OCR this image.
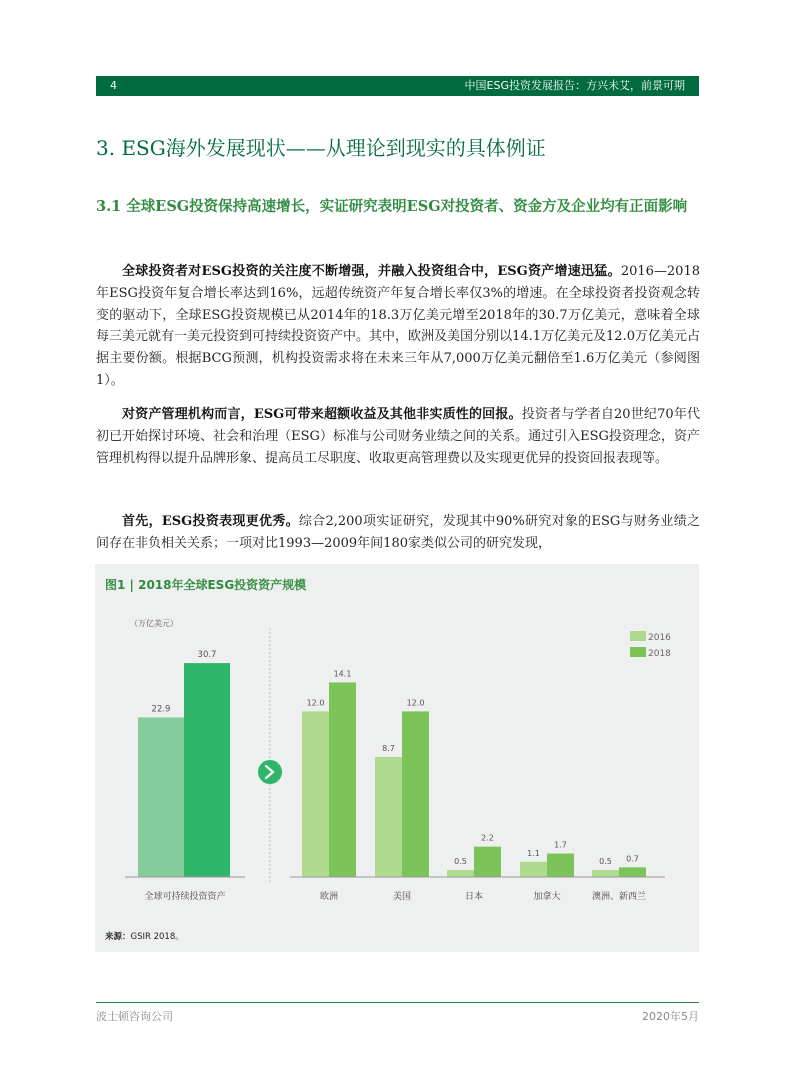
4	中国ESG投资发展报告：方兴未艾，前景可期
3. ESG海外发展现状——从理论到现实的具体例证
3.1 全球ESG投资保持高速增长，实证研究表明ESG对投资者、资金方及企业均有正面影响

全球投资者对ESG投资的关注度不断增强，并融入投资组合中，ESG资产增速迅猛。2016—2018年ESG投资年复合增长率达到16%，远超传统资产年复合增长率仅3%的增速。在全球投资者投资观念转变的驱动下，全球ESG投资规模已从2014年的18.3万亿美元增至2018年的30.7万亿美元，意味着全球每三美元就有一美元投资到可持续投资资产中。其中，欧洲及美国分别以14.1万亿美元及12.0万亿美元占据主要份额。根据BCG预测，机构投资需求将在未来三年从7,000万亿美元翻倍至1.6万亿美元（参阅图1）。

对资产管理机构而言，ESG可带来超额收益及其他非实质性的回报。投资者与学者自20世纪70年代初已开始探讨环境、社会和治理（ESG）标准与公司财务业绩之间的关系。通过引入ESG投资理念，资产管理机构得以提升品牌形象、提高员工尽职度、收取更高管理费以及实现更优异的投资回报表现等。

首先，ESG投资表现更优秀。综合2,200项实证研究，发现其中90%研究对象的ESG与财务业绩之间存在非负相关关系；一项对比1993—2009年间180家类似公司的研究发现，

（万亿美元）
22.9
30.7
全球可持续投资资产
12.0
14.1
欧洲
8.7
12.0
美国
0.5
2.2
日本
1.1
1.7
加拿大
0.5 0.7
澳洲、新西兰
2016
2018
图1 | 2018年全球ESG投资资产规模
来源：GSIR 2018。
波士顿咨询公司	2020年5月
